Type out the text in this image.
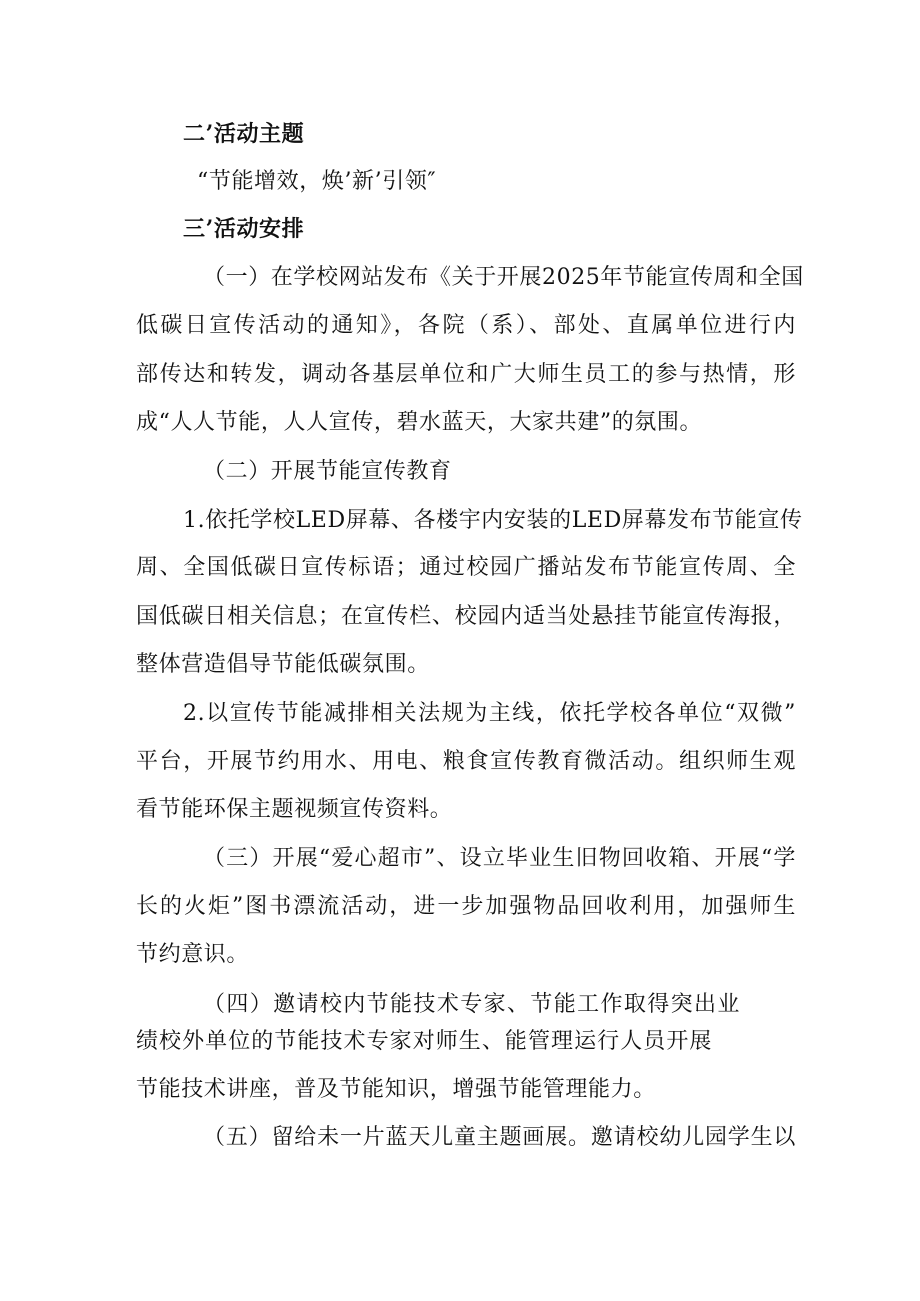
二’活动主题
“节能增效，焕’新’引领″
三’活动安排
（一）在学校网站发布《关于开展2025年节能宣传周和全国
低碳日宣传活动的通知》，各院（系）、部处、直属单位进行内
部传达和转发，调动各基层单位和广大师生员工的参与热情，形
成“人人节能，人人宣传，碧水蓝天，大家共建”的氛围。
（二）开展节能宣传教育
1.依托学校LED屏幕、各楼宇内安装的LED屏幕发布节能宣传
周、全国低碳日宣传标语；通过校园广播站发布节能宣传周、全
国低碳日相关信息；在宣传栏、校园内适当处悬挂节能宣传海报，
整体营造倡导节能低碳氛围。
2.以宣传节能减排相关法规为主线，依托学校各单位“双微”
平台，开展节约用水、用电、粮食宣传教育微活动。组织师生观
看节能环保主题视频宣传资料。
（三）开展“爱心超市”、设立毕业生旧物回收箱、开展“学
长的火炬”图书漂流活动，进一步加强物品回收利用，加强师生
节约意识。
（四）邀请校内节能技术专家、节能工作取得突出业
绩校外单位的节能技术专家对师生、能管理运行人员开展
节能技术讲座，普及节能知识，增强节能管理能力。
（五）留给未一片蓝天儿童主题画展。邀请校幼儿园学生以
